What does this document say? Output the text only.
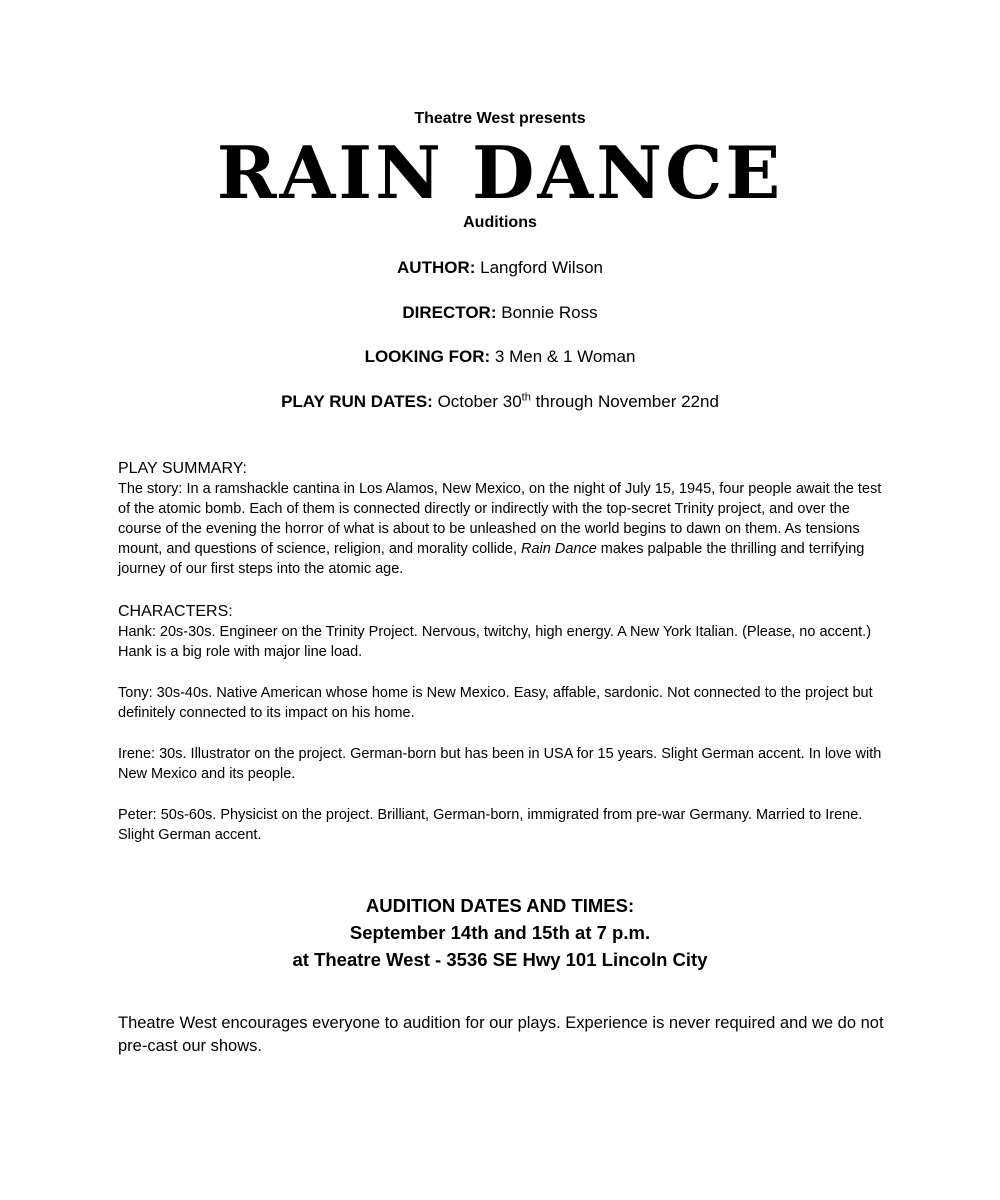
Theatre West presents
RAIN DANCE
Auditions
AUTHOR: Langford Wilson
DIRECTOR: Bonnie Ross
LOOKING FOR: 3 Men & 1 Woman
PLAY RUN DATES: October 30th through November 22nd
PLAY SUMMARY:
The story: In a ramshackle cantina in Los Alamos, New Mexico, on the night of July 15, 1945, four people await the test of the atomic bomb. Each of them is connected directly or indirectly with the top-secret Trinity project, and over the course of the evening the horror of what is about to be unleashed on the world begins to dawn on them. As tensions mount, and questions of science, religion, and morality collide, Rain Dance makes palpable the thrilling and terrifying journey of our first steps into the atomic age.
CHARACTERS:
Hank: 20s-30s. Engineer on the Trinity Project. Nervous, twitchy, high energy. A New York Italian. (Please, no accent.) Hank is a big role with major line load.
Tony: 30s-40s. Native American whose home is New Mexico. Easy, affable, sardonic. Not connected to the project but definitely connected to its impact on his home.
Irene: 30s. Illustrator on the project. German-born but has been in USA for 15 years. Slight German accent. In love with New Mexico and its people.
Peter: 50s-60s. Physicist on the project. Brilliant, German-born, immigrated from pre-war Germany. Married to Irene. Slight German accent.
AUDITION DATES AND TIMES:
September 14th and 15th at 7 p.m.
at Theatre West - 3536 SE Hwy 101 Lincoln City
Theatre West encourages everyone to audition for our plays. Experience is never required and we do not pre-cast our shows.
